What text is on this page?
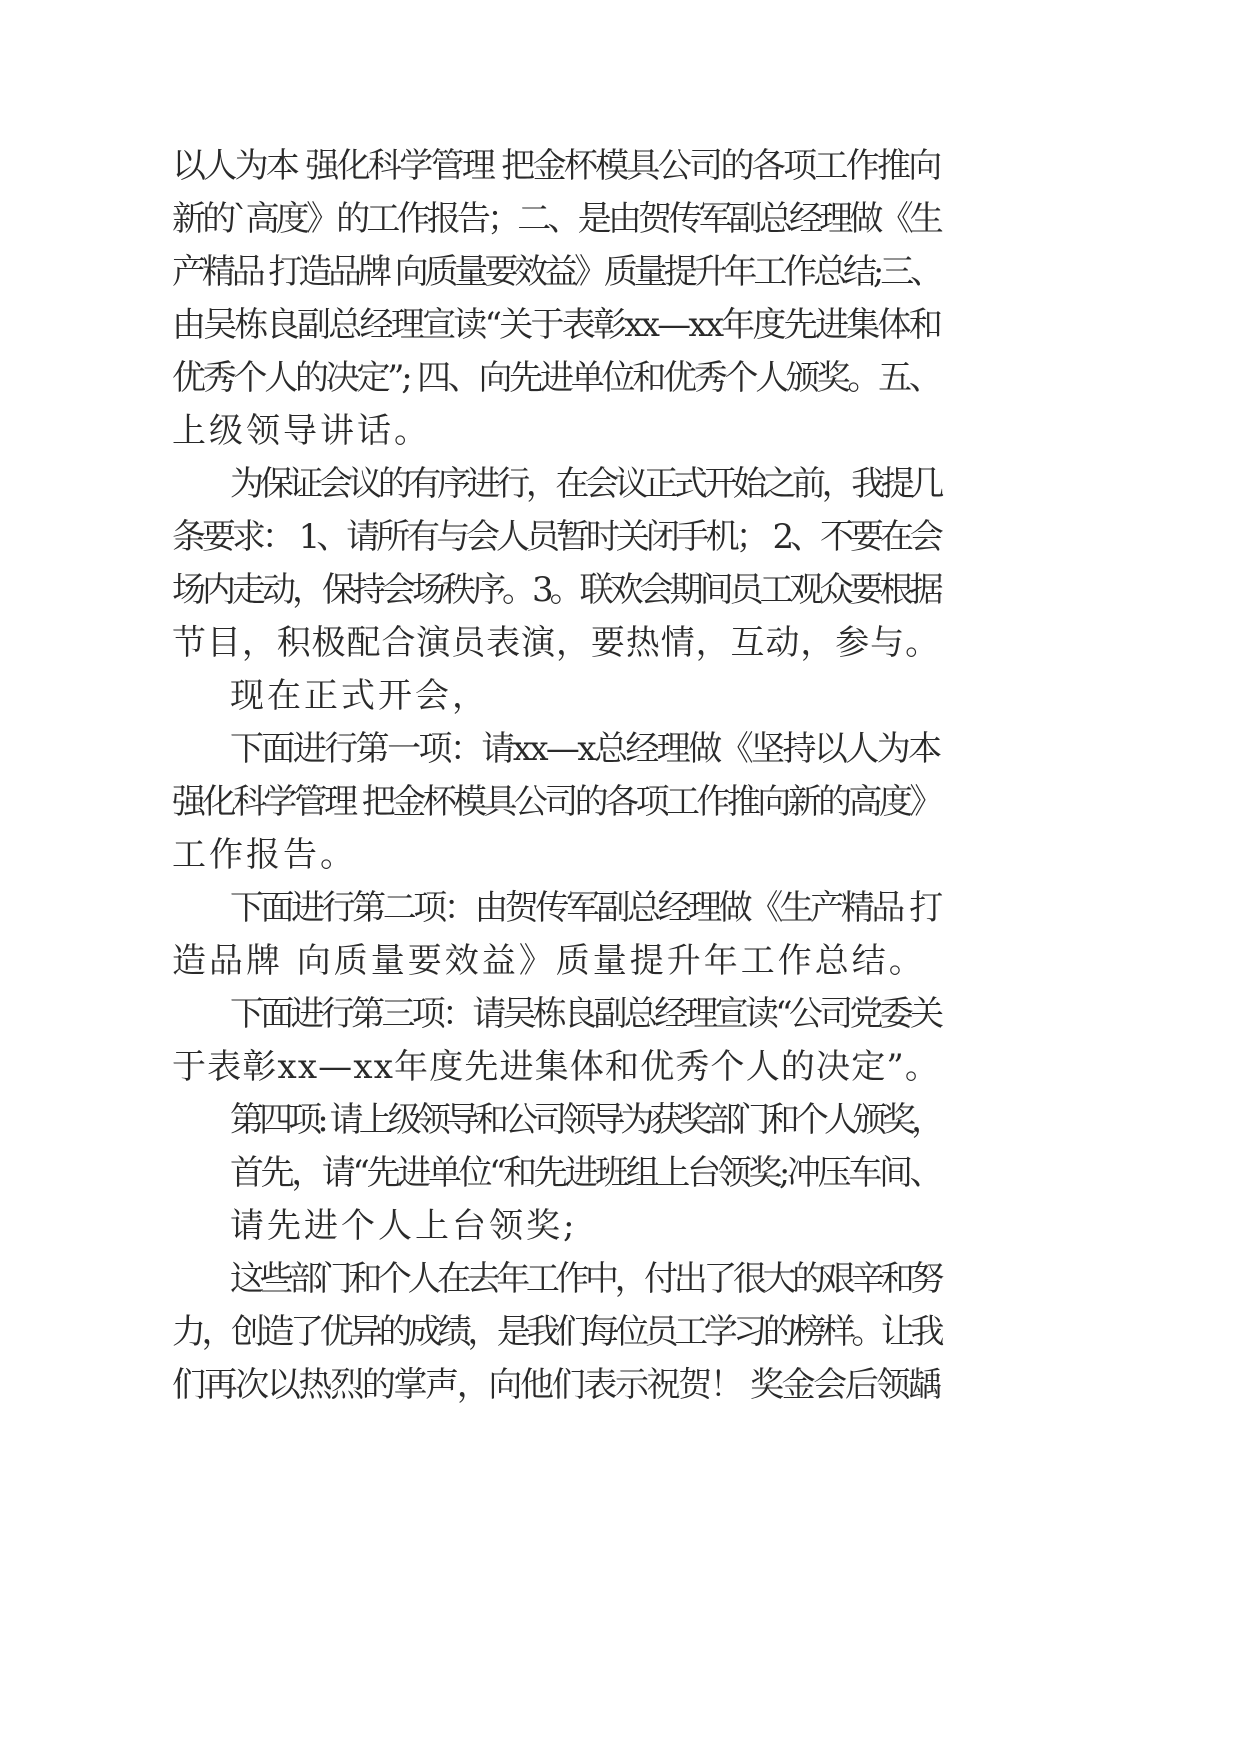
以人为本 强化科学管理 把金杯模具公司的各项工作推向
新的`高度》的工作报告；二、是由贺传军副总经理做《生
产精品 打造品牌 向质量要效益》质量提升年工作总结;三、
由吴栋良副总经理宣读“关于表彰xx—xx年度先进集体和
优秀个人的决定”; 四、向先进单位和优秀个人颁奖。五、
上级领导讲话。
为保证会议的有序进行，在会议正式开始之前，我提几
条要求： 1、请所有与会人员暂时关闭手机； 2、不要在会
场内走动，保持会场秩序。3。联欢会期间员工观众要根据
节目，积极配合演员表演，要热情，互动，参与。
现在正式开会，
下面进行第一项：请xx—x总经理做《坚持以人为本
强化科学管理 把金杯模具公司的各项工作推向新的高度》
工作报告。
下面进行第二项：由贺传军副总经理做《生产精品 打
造品牌 向质量要效益》质量提升年工作总结。
下面进行第三项：请吴栋良副总经理宣读“公司党委关
于表彰xx—xx年度先进集体和优秀个人的决定”。
第四项: 请上级领导和公司领导为获奖部门和个人颁奖，
首先，请“先进单位“和先进班组上台领奖;冲压车间、
请先进个人上台领奖;
这些部门和个人在去年工作中，付出了很大的艰辛和努
力，创造了优异的成绩，是我们每位员工学习的榜样。让我
们再次以热烈的掌声，向他们表示祝贺！ 奖金会后领龋
